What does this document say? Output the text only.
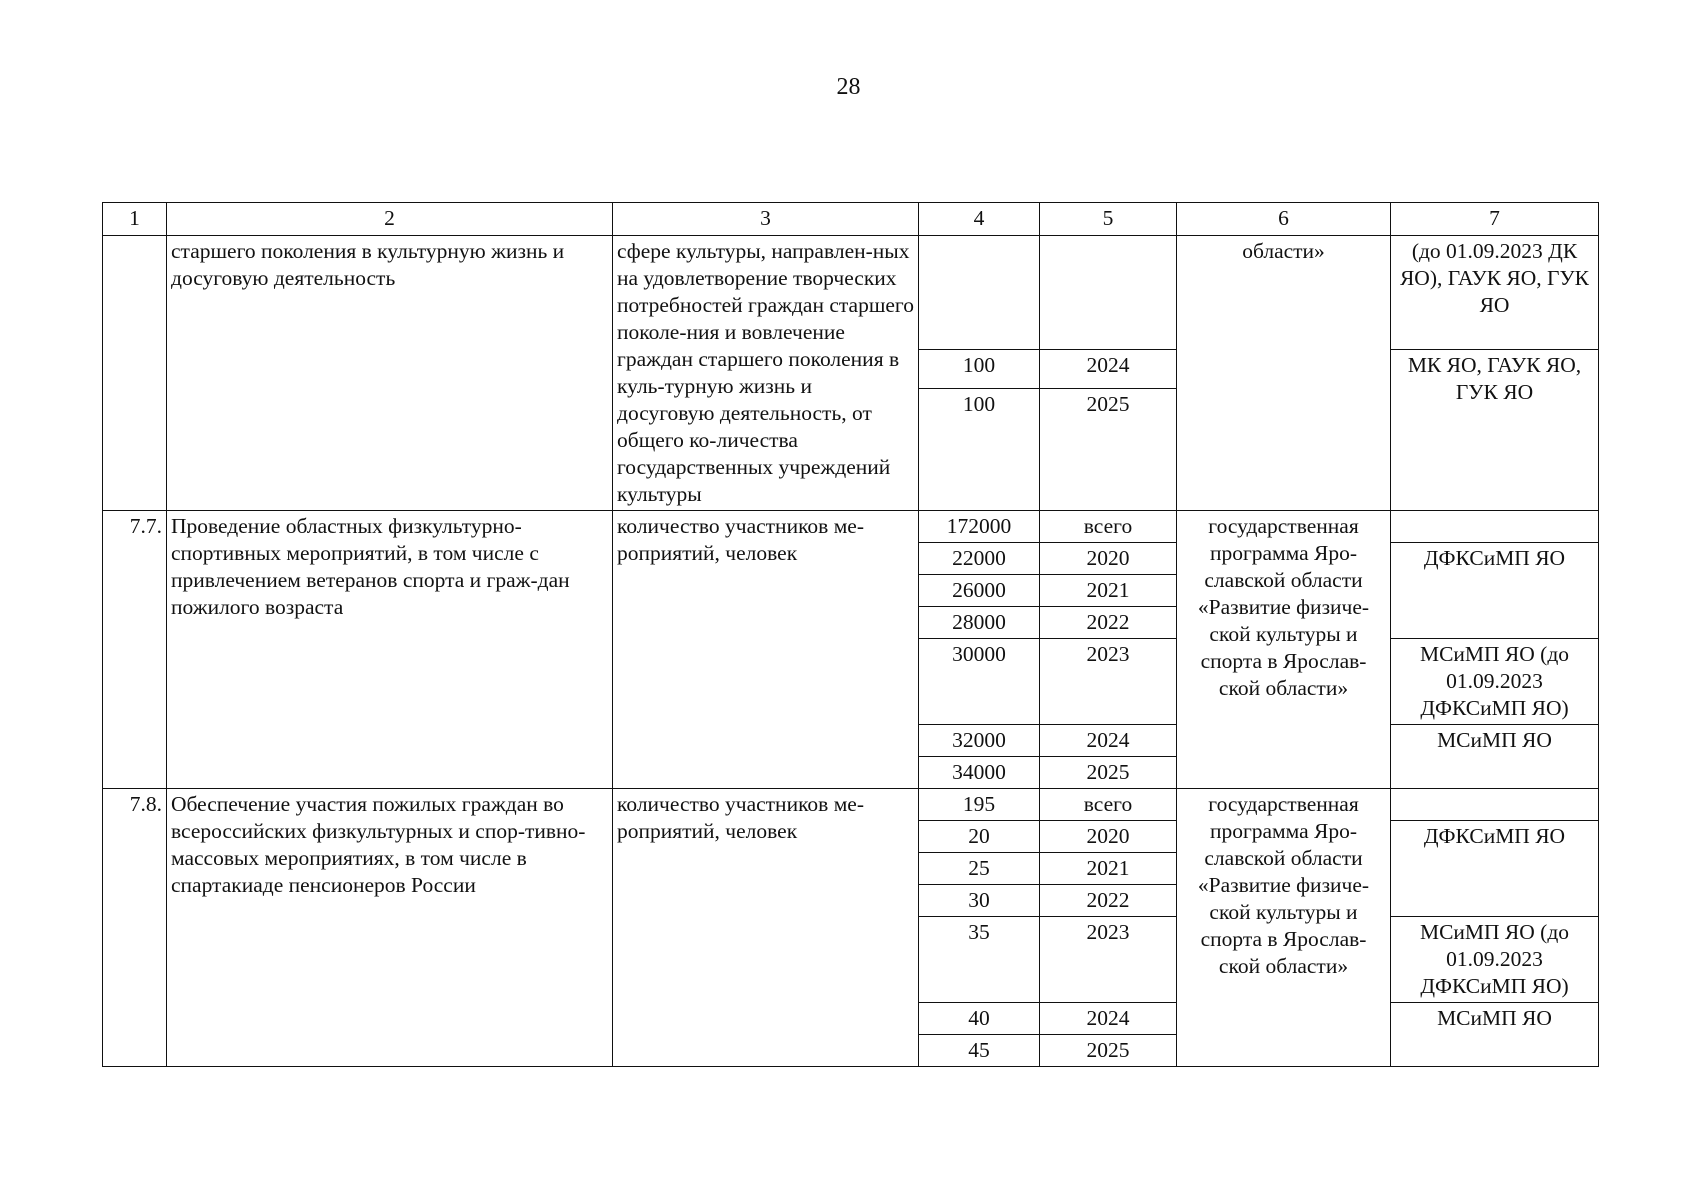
28
1	2	3	4	5	6	7
	старшего поколения в культурную жизнь и досуговую деятельность	сфере культуры, направлен-ных на удовлетворение творческих потребностей граждан старшего поколе-ния и вовлечение граждан старшего поколения в куль-турную жизнь и досуговую деятельность, от общего ко-личества государственных учреждений культуры			области»	(до 01.09.2023 ДК ЯО), ГАУК ЯО, ГУК ЯО
			100	2024		МК ЯО, ГАУК ЯО, ГУК ЯО
			100	2025		
7.7.	Проведение областных физкультурно-спортивных мероприятий, в том числе с привлечением ветеранов спорта и граж-дан пожилого возраста	количество участников ме-роприятий, человек	172000	всего	государственная программа Яро-славской области «Развитие физиче-ской культуры и спорта в Ярослав-ской области»	
			22000	2020		ДФКСиМП ЯО
			26000	2021		
			28000	2022		
			30000	2023		МСиМП ЯО (до 01.09.2023 ДФКСиМП ЯО)
			32000	2024		МСиМП ЯО
			34000	2025		
7.8.	Обеспечение участия пожилых граждан во всероссийских физкультурных и спор-тивно-массовых мероприятиях, в том числе в спартакиаде пенсионеров России	количество участников ме-роприятий, человек	195	всего	государственная программа Яро-славской области «Развитие физиче-ской культуры и спорта в Ярослав-ской области»	
			20	2020		ДФКСиМП ЯО
			25	2021		
			30	2022		
			35	2023		МСиМП ЯО (до 01.09.2023 ДФКСиМП ЯО)
			40	2024		МСиМП ЯО
			45	2025		
